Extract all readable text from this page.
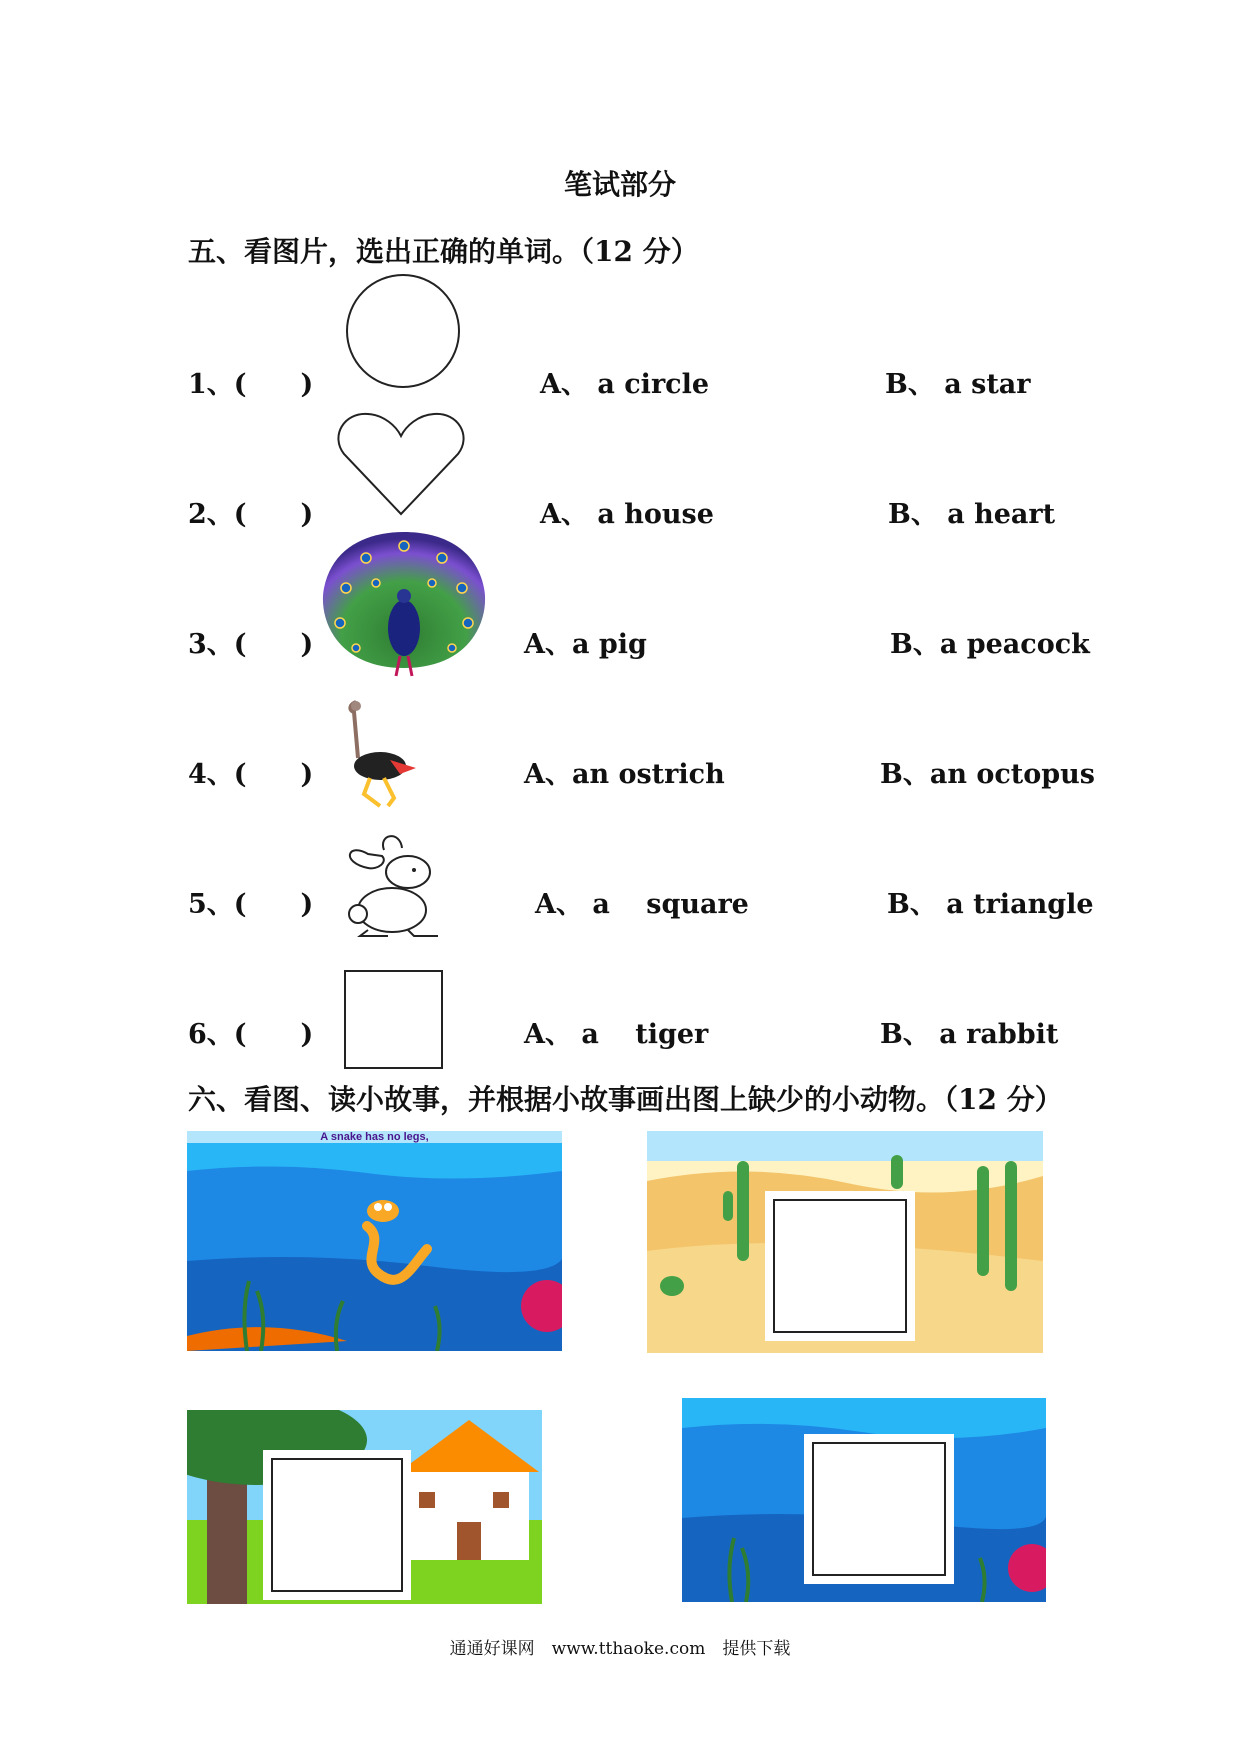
笔试部分
五、看图片，选出正确的单词。（12 分）
1、(　　)	A、 a circle	B、 a star
2、(　　)	A、 a house	B、 a heart
3、(　　)	A、a pig	B、a peacock
4、(　　)	A、an ostrich	B、an octopus
5、(　　)	A、 a　 square	B、 a triangle
6、(　　)	A、 a　 tiger	B、 a rabbit
六、看图、读小故事，并根据小故事画出图上缺少的小动物。（12 分）
A snake has no legs,
通通好课网　www.tthaoke.com　提供下载
